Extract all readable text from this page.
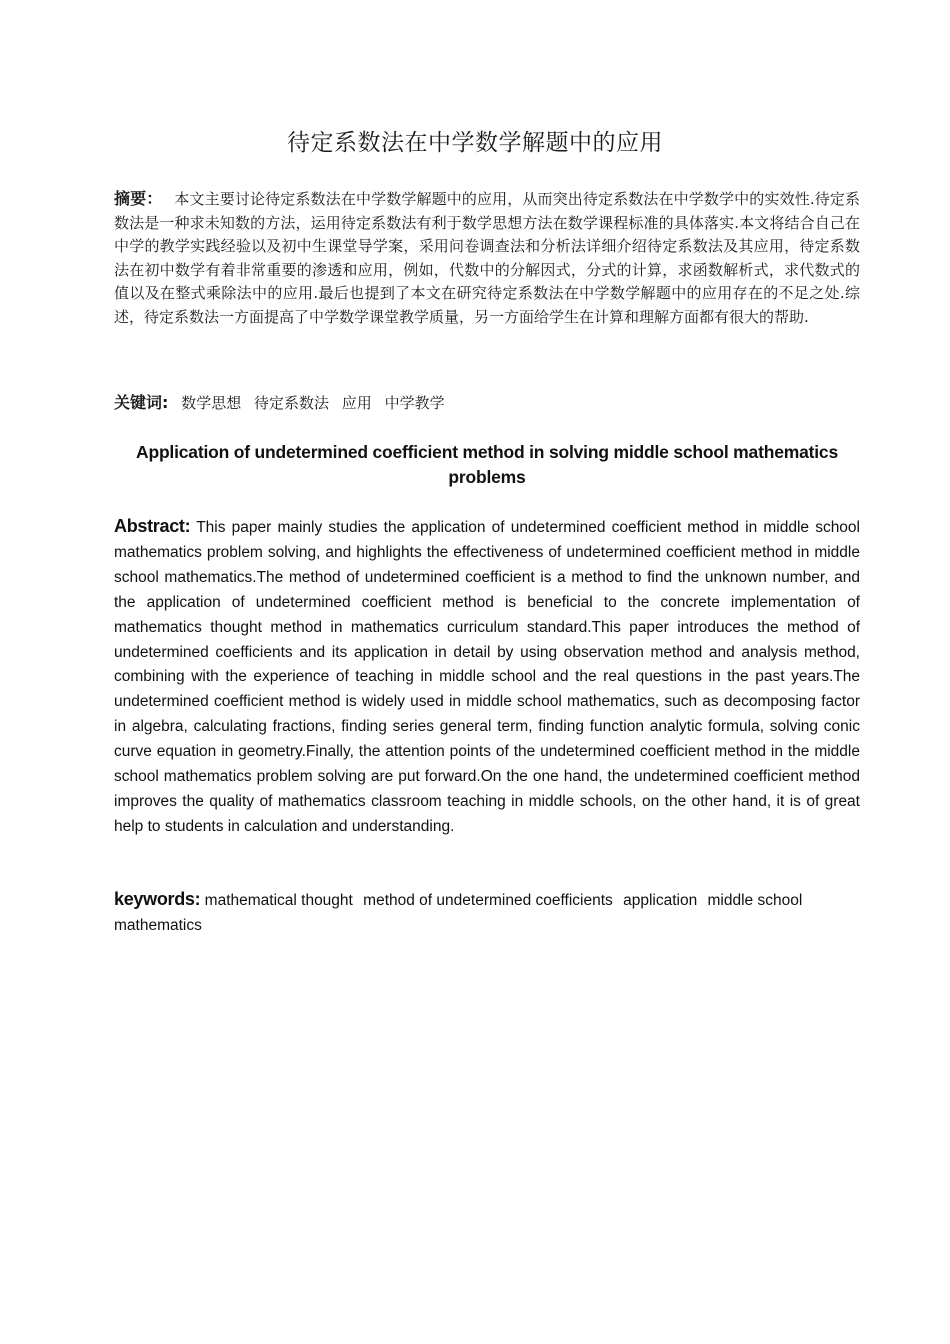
待定系数法在中学数学解题中的应用
摘要： 本文主要讨论待定系数法在中学数学解题中的应用，从而突出待定系数法在中学数学中的实效性.待定系数法是一种求未知数的方法，运用待定系数法有利于数学思想方法在数学课程标准的具体落实.本文将结合自己在中学的教学实践经验以及初中生课堂导学案，采用问卷调查法和分析法详细介绍待定系数法及其应用，待定系数法在初中数学有着非常重要的渗透和应用，例如，代数中的分解因式，分式的计算，求函数解析式，求代数式的值以及在整式乘除法中的应用.最后也提到了本文在研究待定系数法在中学数学解题中的应用存在的不足之处.综述，待定系数法一方面提高了中学数学课堂教学质量，另一方面给学生在计算和理解方面都有很大的帮助.
关键词: 数学思想 待定系数法 应用 中学教学
Application of undetermined coefficient method in solving middle school mathematics problems
Abstract: This paper mainly studies the application of undetermined coefficient method in middle school mathematics problem solving, and highlights the effectiveness of undetermined coefficient method in middle school mathematics.The method of undetermined coefficient is a method to find the unknown number, and the application of undetermined coefficient method is beneficial to the concrete implementation of mathematics thought method in mathematics curriculum standard.This paper introduces the method of undetermined coefficients and its application in detail by using observation method and analysis method, combining with the experience of teaching in middle school and the real questions in the past years.The undetermined coefficient method is widely used in middle school mathematics, such as decomposing factor in algebra, calculating fractions, finding series general term, finding function analytic formula, solving conic curve equation in geometry.Finally, the attention points of the undetermined coefficient method in the middle school mathematics problem solving are put forward.On the one hand, the undetermined coefficient method improves the quality of mathematics classroom teaching in middle schools, on the other hand, it is of great help to students in calculation and understanding.
keywords: mathematical thought method of undetermined coefficients application middle school mathematics
